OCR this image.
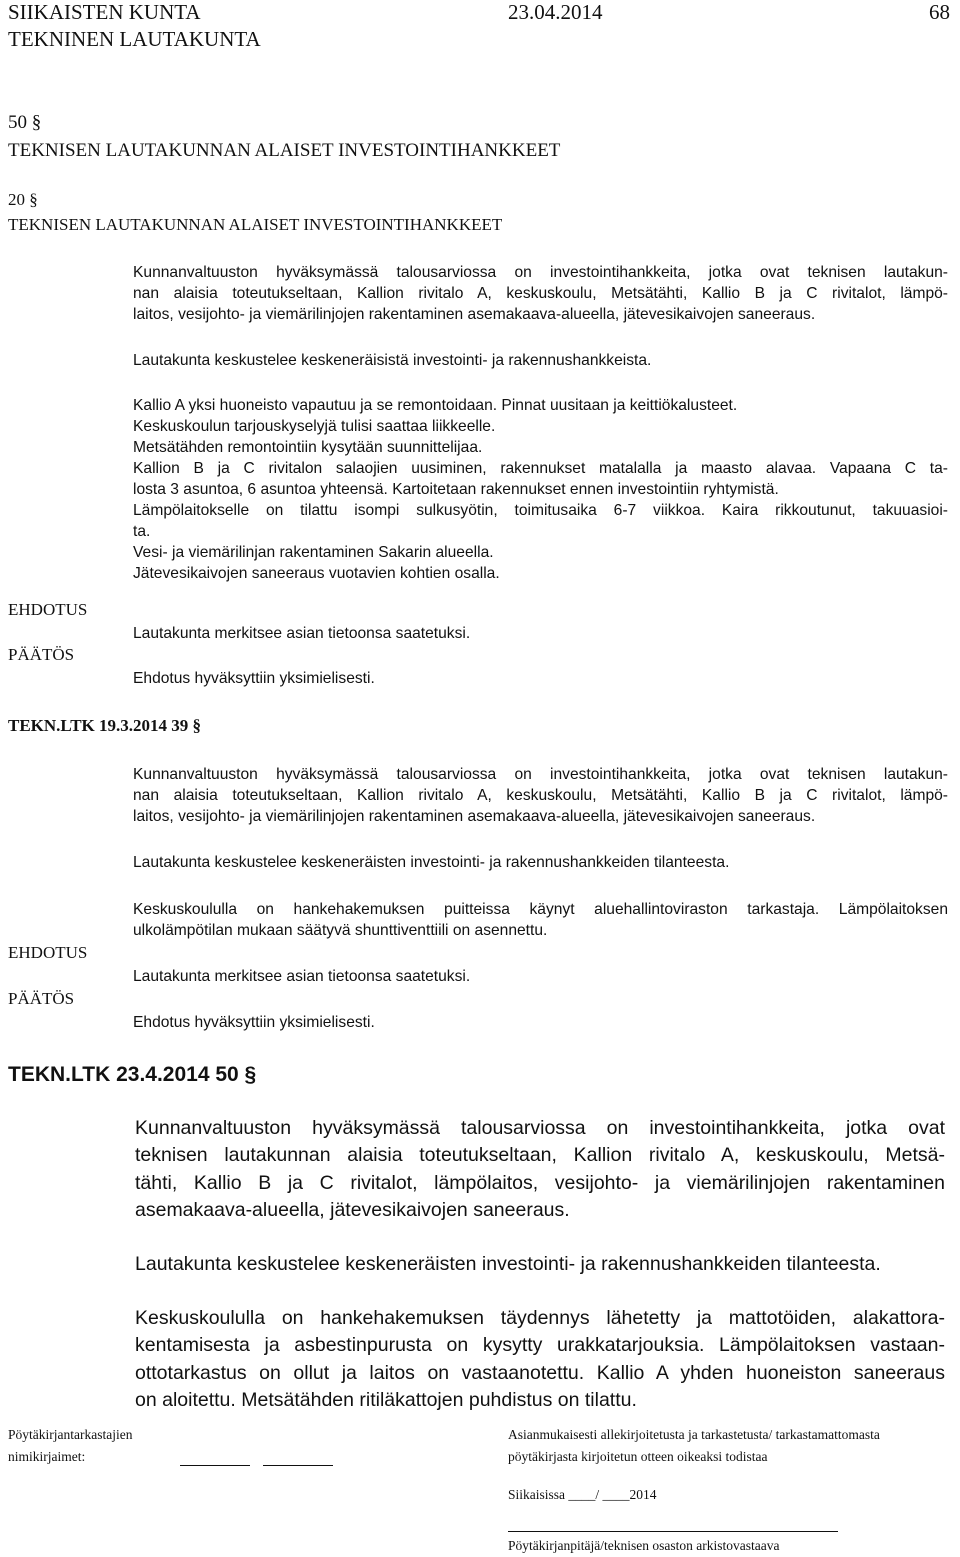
SIIKAISTEN KUNTA	23.04.2014	68
TEKNINEN LAUTAKUNTA
50 §
TEKNISEN LAUTAKUNNAN ALAISET INVESTOINTIHANKKEET
20 §
TEKNISEN LAUTAKUNNAN ALAISET INVESTOINTIHANKKEET
Kunnanvaltuuston hyväksymässä talousarviossa on investointihankkeita, jotka ovat teknisen lautakun-
nan alaisia toteutukseltaan, Kallion rivitalo A, keskuskoulu, Metsätähti, Kallio B ja C rivitalot, lämpö-
laitos, vesijohto- ja viemärilinjojen rakentaminen asemakaava-alueella, jätevesikaivojen saneeraus.
Lautakunta keskustelee keskeneräisistä investointi- ja rakennushankkeista.
Kallio A yksi huoneisto vapautuu ja se remontoidaan. Pinnat uusitaan ja keittiökalusteet.
Keskuskoulun tarjouskyselyjä tulisi saattaa liikkeelle.
Metsätähden remontointiin kysytään suunnittelijaa.
Kallion B ja C rivitalon salaojien uusiminen, rakennukset matalalla ja maasto alavaa. Vapaana C ta-
losta 3 asuntoa, 6 asuntoa yhteensä. Kartoitetaan rakennukset ennen investointiin ryhtymistä.
Lämpölaitokselle on tilattu isompi sulkusyötin, toimitusaika 6-7 viikkoa. Kaira rikkoutunut, takuuasioi-
ta.
Vesi- ja viemärilinjan rakentaminen Sakarin alueella.
Jätevesikaivojen saneeraus vuotavien kohtien osalla.
EHDOTUS
Lautakunta merkitsee asian tietoonsa saatetuksi.
PÄÄTÖS
Ehdotus hyväksyttiin yksimielisesti.
TEKN.LTK 19.3.2014 39 §
Kunnanvaltuuston hyväksymässä talousarviossa on investointihankkeita, jotka ovat teknisen lautakun-
nan alaisia toteutukseltaan, Kallion rivitalo A, keskuskoulu, Metsätähti, Kallio B ja C rivitalot, lämpö-
laitos, vesijohto- ja viemärilinjojen rakentaminen asemakaava-alueella, jätevesikaivojen saneeraus.
Lautakunta keskustelee keskeneräisten investointi- ja rakennushankkeiden tilanteesta.
Keskuskoululla on hankehakemuksen puitteissa käynyt aluehallintoviraston tarkastaja. Lämpölaitoksen
ulkolämpötilan mukaan säätyvä shunttiventtiili on asennettu.
EHDOTUS
Lautakunta merkitsee asian tietoonsa saatetuksi.
PÄÄTÖS
Ehdotus hyväksyttiin yksimielisesti.
TEKN.LTK 23.4.2014 50 §
Kunnanvaltuuston hyväksymässä talousarviossa on investointihankkeita, jotka ovat
teknisen lautakunnan alaisia toteutukseltaan, Kallion rivitalo A, keskuskoulu, Metsä-
tähti, Kallio B ja C rivitalot, lämpölaitos, vesijohto- ja viemärilinjojen rakentaminen
asemakaava-alueella, jätevesikaivojen saneeraus.
Lautakunta keskustelee keskeneräisten investointi- ja rakennushankkeiden tilanteesta.
Keskuskoululla on hankehakemuksen täydennys lähetetty ja mattotöiden, alakattora-
kentamisesta ja asbestinpurusta on kysytty urakkatarjouksia. Lämpölaitoksen vastaan-
ottotarkastus on ollut ja laitos on vastaanotettu. Kallio A yhden huoneiston saneeraus
on aloitettu. Metsätähden ritiläkattojen puhdistus on tilattu.
Pöytäkirjantarkastajien
nimikirjaimet:
Asianmukaisesti allekirjoitetusta ja tarkastetusta/ tarkastamattomasta
pöytäkirjasta kirjoitetun otteen oikeaksi todistaa
Siikaisissa ____/ ____2014
Pöytäkirjanpitäjä/teknisen osaston arkistovastaava
